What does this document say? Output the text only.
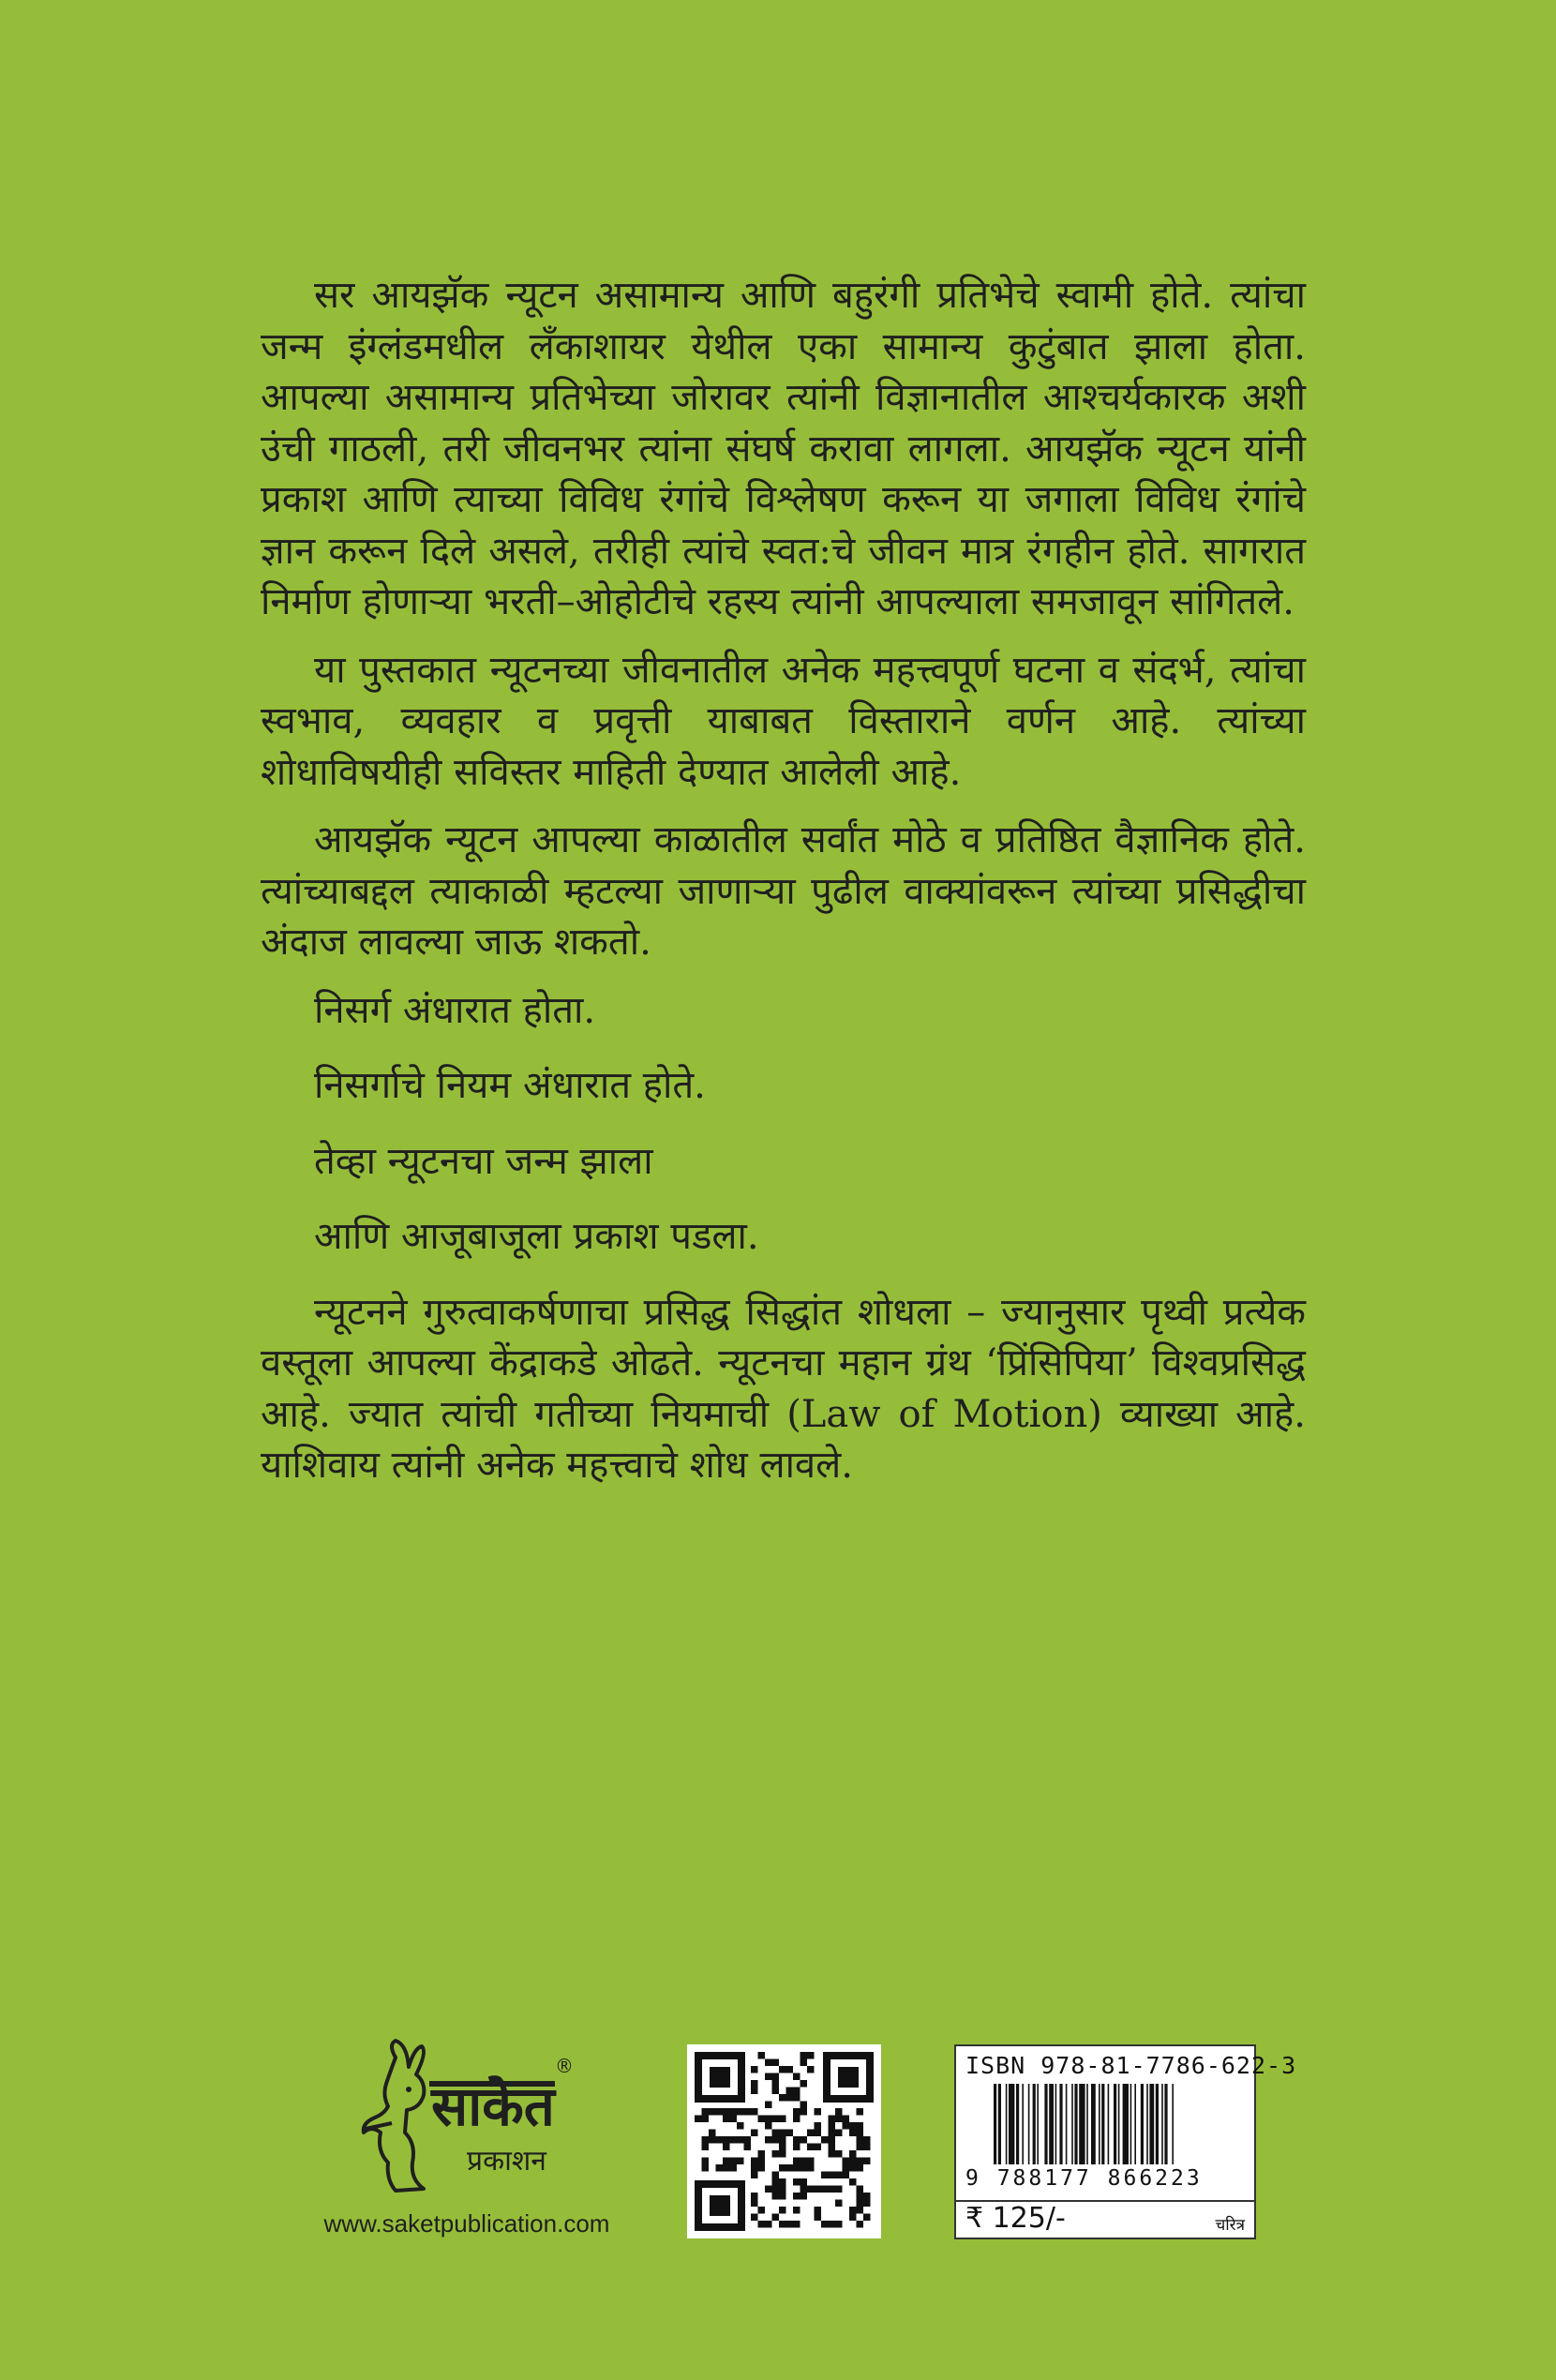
सर आयझॅक न्यूटन असामान्य आणि बहुरंगी प्रतिभेचे स्वामी होते. त्यांचा जन्म इंग्लंडमधील लँकाशायर येथील एका सामान्य कुटुंबात झाला होता. आपल्या असामान्य प्रतिभेच्या जोरावर त्यांनी विज्ञानातील आश्चर्यकारक अशी उंची गाठली, तरी जीवनभर त्यांना संघर्ष करावा लागला. आयझॅक न्यूटन यांनी प्रकाश आणि त्याच्या विविध रंगांचे विश्लेषण करून या जगाला विविध रंगांचे ज्ञान करून दिले असले, तरीही त्यांचे स्वत:चे जीवन मात्र रंगहीन होते. सागरात निर्माण होणाऱ्या भरती–ओहोटीचे रहस्य त्यांनी आपल्याला समजावून सांगितले.

या पुस्तकात न्यूटनच्या जीवनातील अनेक महत्त्वपूर्ण घटना व संदर्भ, त्यांचा स्वभाव, व्यवहार व प्रवृत्ती याबाबत विस्ताराने वर्णन आहे. त्यांच्या शोधाविषयीही सविस्तर माहिती देण्यात आलेली आहे.

आयझॅक न्यूटन आपल्या काळातील सर्वांत मोठे व प्रतिष्ठित वैज्ञानिक होते. त्यांच्याबद्दल त्याकाळी म्हटल्या जाणाऱ्या पुढील वाक्यांवरून त्यांच्या प्रसिद्धीचा अंदाज लावल्या जाऊ शकतो.

निसर्ग अंधारात होता.

निसर्गाचे नियम अंधारात होते.

तेव्हा न्यूटनचा जन्म झाला

आणि आजूबाजूला प्रकाश पडला.

न्यूटनने गुरुत्वाकर्षणाचा प्रसिद्ध सिद्धांत शोधला – ज्यानुसार पृथ्वी प्रत्येक वस्तूला आपल्या केंद्राकडे ओढते. न्यूटनचा महान ग्रंथ ‘प्रिंसिपिया’ विश्वप्रसिद्ध आहे. ज्यात त्यांची गतीच्या नियमाची (Law of Motion) व्याख्या आहे. याशिवाय त्यांनी अनेक महत्त्वाचे शोध लावले.

साकेत
प्रकाशन
®
www.saketpublication.com
ISBN 978-81-7786-622-3
9 788177 866223
₹ 125/-	चरित्र
